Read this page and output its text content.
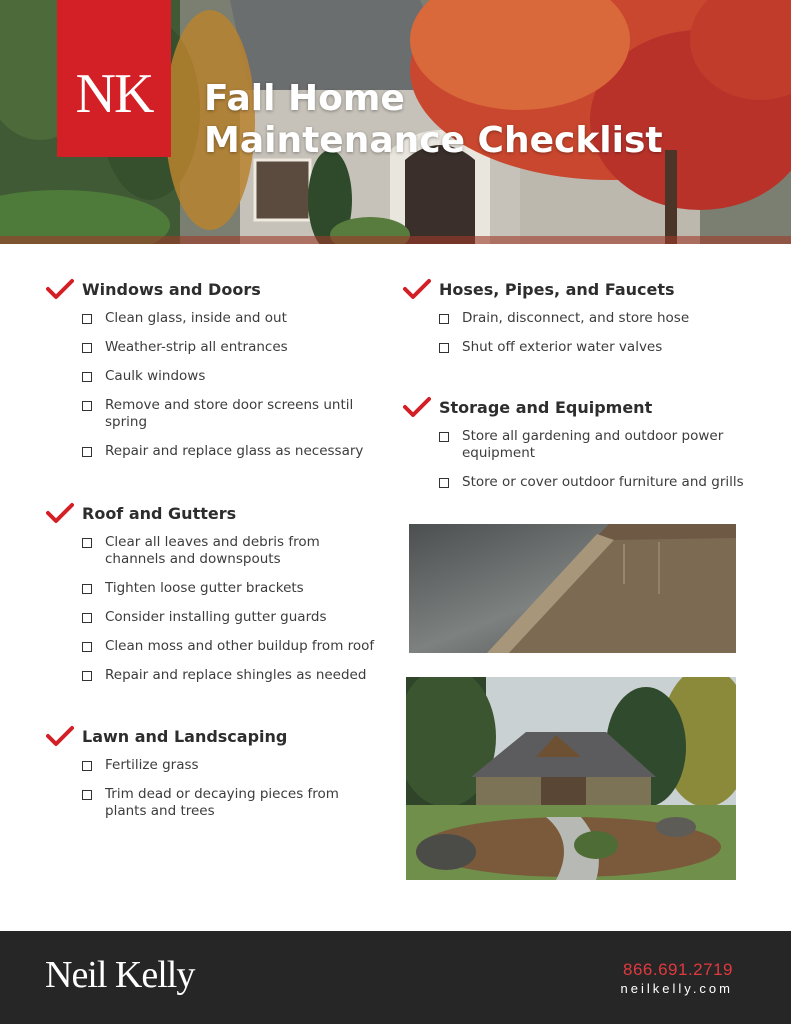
NK Fall Home
Maintenance Checklist
Windows and Doors
Clean glass, inside and out
Weather-strip all entrances
Caulk windows
Remove and store door screens until spring
Repair and replace glass as necessary
Roof and Gutters
Clear all leaves and debris from channels and downspouts
Tighten loose gutter brackets
Consider installing gutter guards
Clean moss and other buildup from roof
Repair and replace shingles as needed
Lawn and Landscaping
Fertilize grass
Trim dead or decaying pieces from plants and trees
Hoses, Pipes, and Faucets
Drain, disconnect, and store hose
Shut off exterior water valves
Storage and Equipment
Store all gardening and outdoor power equipment
Store or cover outdoor furniture and grills
Neil Kelly	866.691.2719
neilkelly.com
